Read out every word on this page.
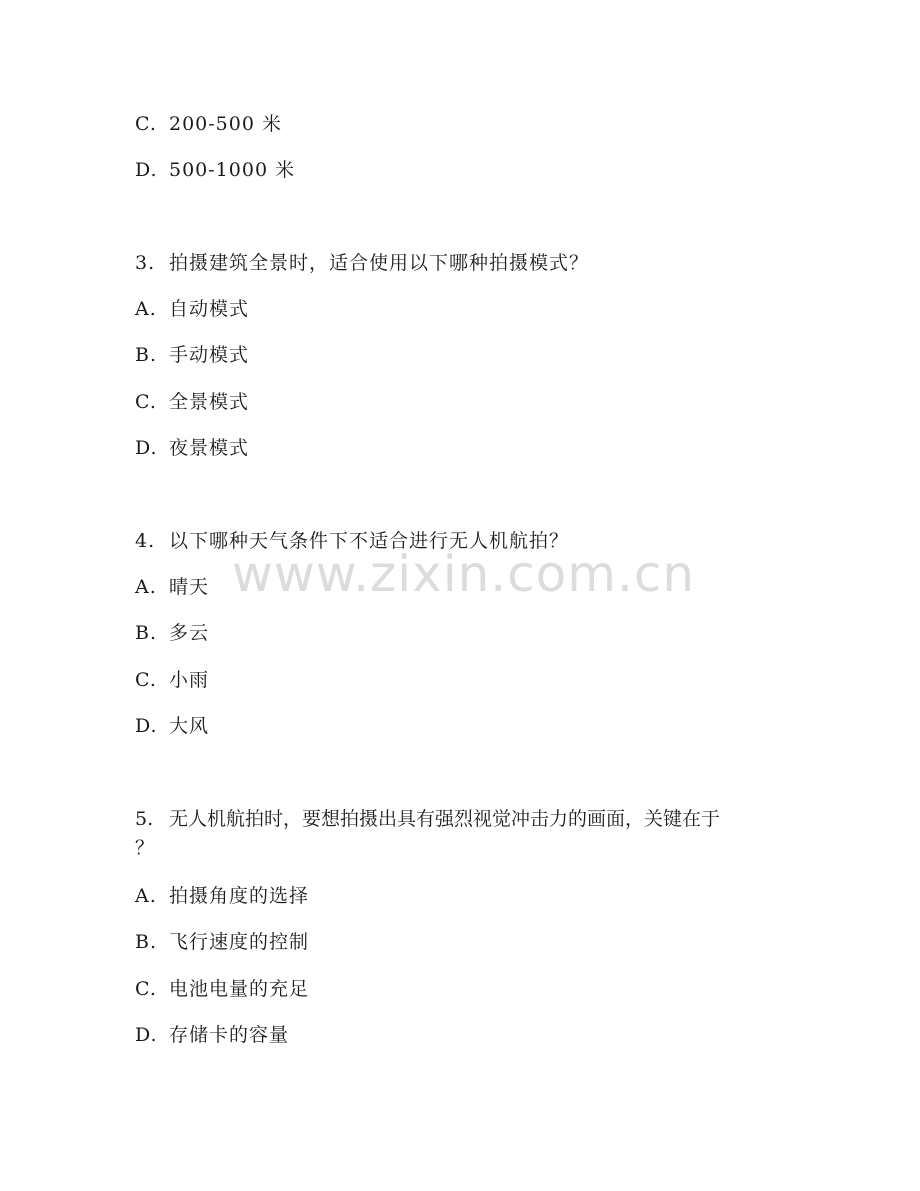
www.zixin.com.cn
C. 200-500 米
D. 500-1000 米
3. 拍摄建筑全景时，适合使用以下哪种拍摄模式？
A. 自动模式
B. 手动模式
C. 全景模式
D. 夜景模式
4. 以下哪种天气条件下不适合进行无人机航拍？
A. 晴天
B. 多云
C. 小雨
D. 大风
5. 无人机航拍时，要想拍摄出具有强烈视觉冲击力的画面，关键在于
？
A. 拍摄角度的选择
B. 飞行速度的控制
C. 电池电量的充足
D. 存储卡的容量
